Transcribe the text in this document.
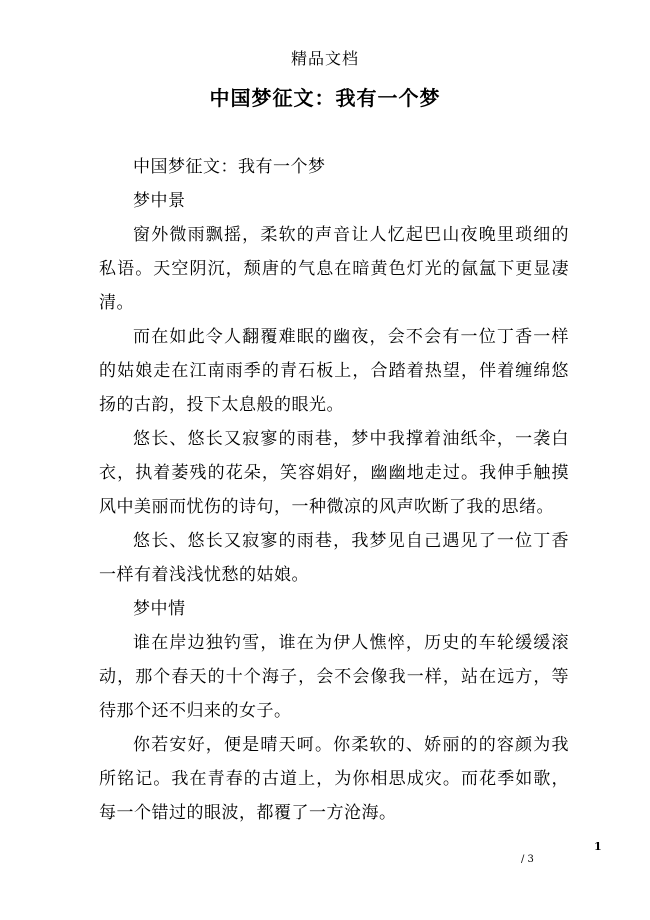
精品文档
中国梦征文：我有一个梦

中国梦征文：我有一个梦

梦中景

窗外微雨飘摇，柔软的声音让人忆起巴山夜晚里琐细的私语。天空阴沉，颓唐的气息在暗黄色灯光的氤氲下更显凄清。

而在如此令人翻覆难眠的幽夜，会不会有一位丁香一样的姑娘走在江南雨季的青石板上，合踏着热望，伴着缠绵悠扬的古韵，投下太息般的眼光。

悠长、悠长又寂寥的雨巷，梦中我撑着油纸伞，一袭白衣，执着萎残的花朵，笑容娟好，幽幽地走过。我伸手触摸风中美丽而忧伤的诗句，一种微凉的风声吹断了我的思绪。

悠长、悠长又寂寥的雨巷，我梦见自己遇见了一位丁香一样有着浅浅忧愁的姑娘。

梦中情

谁在岸边独钓雪，谁在为伊人憔悴，历史的车轮缓缓滚动，那个春天的十个海子，会不会像我一样，站在远方，等待那个还不归来的女子。

你若安好，便是晴天呵。你柔软的、娇丽的的容颜为我所铭记。我在青春的古道上，为你相思成灾。而花季如歌，每一个错过的眼波，都覆了一方沧海。

/ 3
1
